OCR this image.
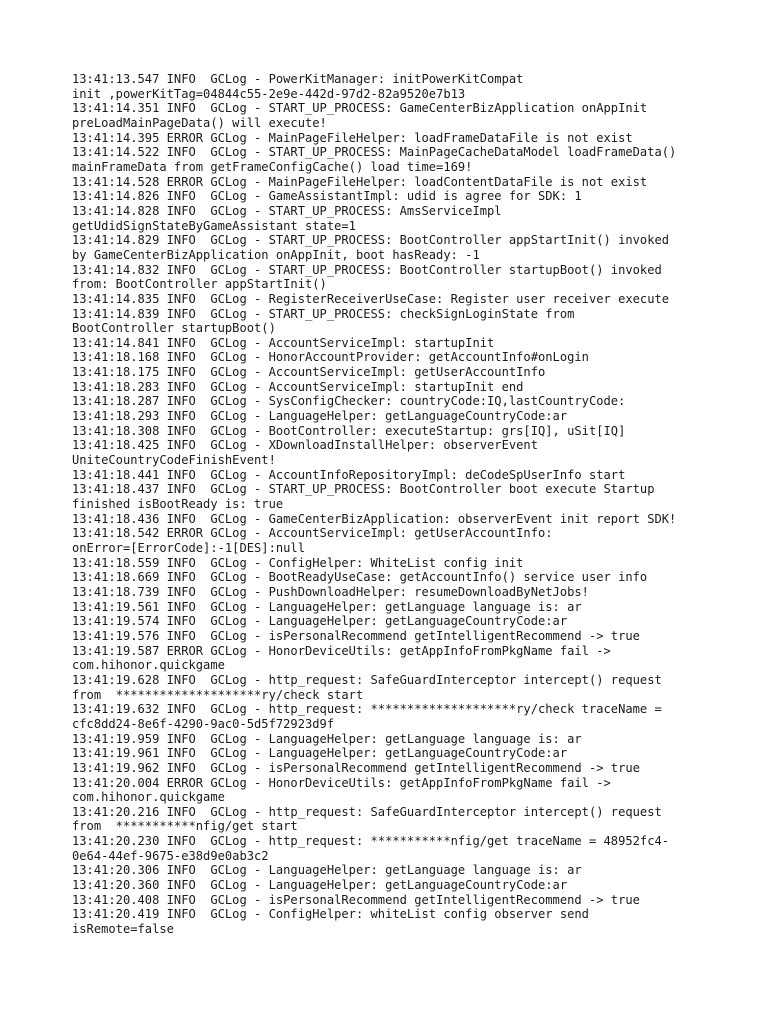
13:41:13.547 INFO  GCLog - PowerKitManager: initPowerKitCompat
init ,powerKitTag=04844c55-2e9e-442d-97d2-82a9520e7b13
13:41:14.351 INFO  GCLog - START_UP_PROCESS: GameCenterBizApplication onAppInit
preLoadMainPageData() will execute!
13:41:14.395 ERROR GCLog - MainPageFileHelper: loadFrameDataFile is not exist
13:41:14.522 INFO  GCLog - START_UP_PROCESS: MainPageCacheDataModel loadFrameData()
mainFrameData from getFrameConfigCache() load time=169!
13:41:14.528 ERROR GCLog - MainPageFileHelper: loadContentDataFile is not exist
13:41:14.826 INFO  GCLog - GameAssistantImpl: udid is agree for SDK: 1
13:41:14.828 INFO  GCLog - START_UP_PROCESS: AmsServiceImpl
getUdidSignStateByGameAssistant state=1
13:41:14.829 INFO  GCLog - START_UP_PROCESS: BootController appStartInit() invoked
by GameCenterBizApplication onAppInit, boot hasReady: -1
13:41:14.832 INFO  GCLog - START_UP_PROCESS: BootController startupBoot() invoked
from: BootController appStartInit()
13:41:14.835 INFO  GCLog - RegisterReceiverUseCase: Register user receiver execute
13:41:14.839 INFO  GCLog - START_UP_PROCESS: checkSignLoginState from
BootController startupBoot()
13:41:14.841 INFO  GCLog - AccountServiceImpl: startupInit
13:41:18.168 INFO  GCLog - HonorAccountProvider: getAccountInfo#onLogin
13:41:18.175 INFO  GCLog - AccountServiceImpl: getUserAccountInfo
13:41:18.283 INFO  GCLog - AccountServiceImpl: startupInit end
13:41:18.287 INFO  GCLog - SysConfigChecker: countryCode:IQ,lastCountryCode:
13:41:18.293 INFO  GCLog - LanguageHelper: getLanguageCountryCode:ar
13:41:18.308 INFO  GCLog - BootController: executeStartup: grs[IQ], uSit[IQ]
13:41:18.425 INFO  GCLog - XDownloadInstallHelper: observerEvent
UniteCountryCodeFinishEvent!
13:41:18.441 INFO  GCLog - AccountInfoRepositoryImpl: deCodeSpUserInfo start
13:41:18.437 INFO  GCLog - START_UP_PROCESS: BootController boot execute Startup
finished isBootReady is: true
13:41:18.436 INFO  GCLog - GameCenterBizApplication: observerEvent init report SDK!
13:41:18.542 ERROR GCLog - AccountServiceImpl: getUserAccountInfo:
onError=[ErrorCode]:-1[DES]:null
13:41:18.559 INFO  GCLog - ConfigHelper: WhiteList config init
13:41:18.669 INFO  GCLog - BootReadyUseCase: getAccountInfo() service user info
13:41:18.739 INFO  GCLog - PushDownloadHelper: resumeDownloadByNetJobs!
13:41:19.561 INFO  GCLog - LanguageHelper: getLanguage language is: ar
13:41:19.574 INFO  GCLog - LanguageHelper: getLanguageCountryCode:ar
13:41:19.576 INFO  GCLog - isPersonalRecommend getIntelligentRecommend -> true
13:41:19.587 ERROR GCLog - HonorDeviceUtils: getAppInfoFromPkgName fail ->
com.hihonor.quickgame
13:41:19.628 INFO  GCLog - http_request: SafeGuardInterceptor intercept() request
from  ********************ry/check start
13:41:19.632 INFO  GCLog - http_request: ********************ry/check traceName =
cfc8dd24-8e6f-4290-9ac0-5d5f72923d9f
13:41:19.959 INFO  GCLog - LanguageHelper: getLanguage language is: ar
13:41:19.961 INFO  GCLog - LanguageHelper: getLanguageCountryCode:ar
13:41:19.962 INFO  GCLog - isPersonalRecommend getIntelligentRecommend -> true
13:41:20.004 ERROR GCLog - HonorDeviceUtils: getAppInfoFromPkgName fail ->
com.hihonor.quickgame
13:41:20.216 INFO  GCLog - http_request: SafeGuardInterceptor intercept() request
from  ***********nfig/get start
13:41:20.230 INFO  GCLog - http_request: ***********nfig/get traceName = 48952fc4-
0e64-44ef-9675-e38d9e0ab3c2
13:41:20.306 INFO  GCLog - LanguageHelper: getLanguage language is: ar
13:41:20.360 INFO  GCLog - LanguageHelper: getLanguageCountryCode:ar
13:41:20.408 INFO  GCLog - isPersonalRecommend getIntelligentRecommend -> true
13:41:20.419 INFO  GCLog - ConfigHelper: whiteList config observer send
isRemote=false
